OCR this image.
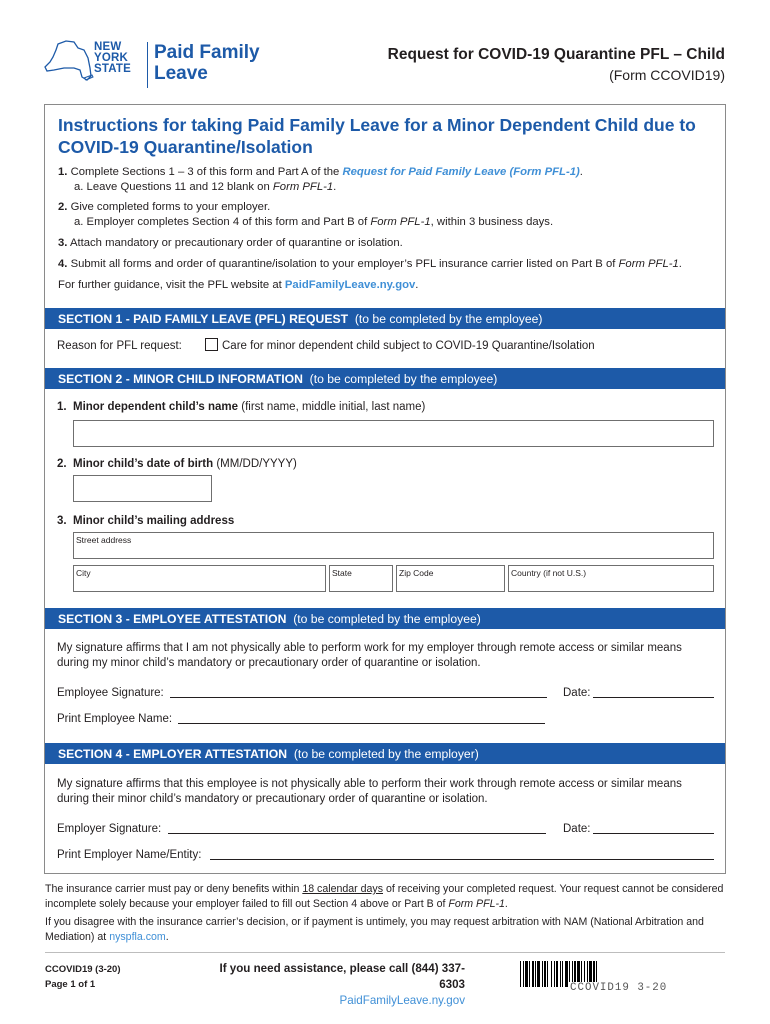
NEW
YORK
STATE
Paid Family
Leave
Request for COVID-19 Quarantine PFL – Child
(Form CCOVID19)
Instructions for taking Paid Family Leave for a Minor Dependent Child due to COVID-19 Quarantine/Isolation
1. Complete Sections 1 – 3 of this form and Part A of the Request for Paid Family Leave (Form PFL-1).
a. Leave Questions 11 and 12 blank on Form PFL-1.
2. Give completed forms to your employer.
a. Employer completes Section 4 of this form and Part B of Form PFL-1, within 3 business days.
3. Attach mandatory or precautionary order of quarantine or isolation.
4. Submit all forms and order of quarantine/isolation to your employer’s PFL insurance carrier listed on Part B of Form PFL-1.
For further guidance, visit the PFL website at PaidFamilyLeave.ny.gov.
SECTION 1 - PAID FAMILY LEAVE (PFL) REQUEST (to be completed by the employee)
Reason for PFL request:	Care for minor dependent child subject to COVID-19 Quarantine/Isolation
SECTION 2 - MINOR CHILD INFORMATION (to be completed by the employee)
1. Minor dependent child’s name (first name, middle initial, last name)
2. Minor child’s date of birth (MM/DD/YYYY)
3. Minor child’s mailing address
Street address
City	State	Zip Code	Country (if not U.S.)
SECTION 3 - EMPLOYEE ATTESTATION (to be completed by the employee)
My signature affirms that I am not physically able to perform work for my employer through remote access or similar means
during my minor child’s mandatory or precautionary order of quarantine or isolation.
Employee Signature:	Date:
Print Employee Name:
SECTION 4 - EMPLOYER ATTESTATION (to be completed by the employer)
My signature affirms that this employee is not physically able to perform their work through remote access or similar means
during their minor child’s mandatory or precautionary order of quarantine or isolation.
Employer Signature:	Date:
Print Employer Name/Entity:
The insurance carrier must pay or deny benefits within 18 calendar days of receiving your completed request. Your request cannot be considered
incomplete solely because your employer failed to fill out Section 4 above or Part B of Form PFL-1.
If you disagree with the insurance carrier’s decision, or if payment is untimely, you may request arbitration with NAM (National Arbitration and
Mediation) at nyspfla.com.
CCOVID19 (3-20)
Page 1 of 1
If you need assistance, please call (844) 337-6303
PaidFamilyLeave.ny.gov
CCOVID19 3-20
